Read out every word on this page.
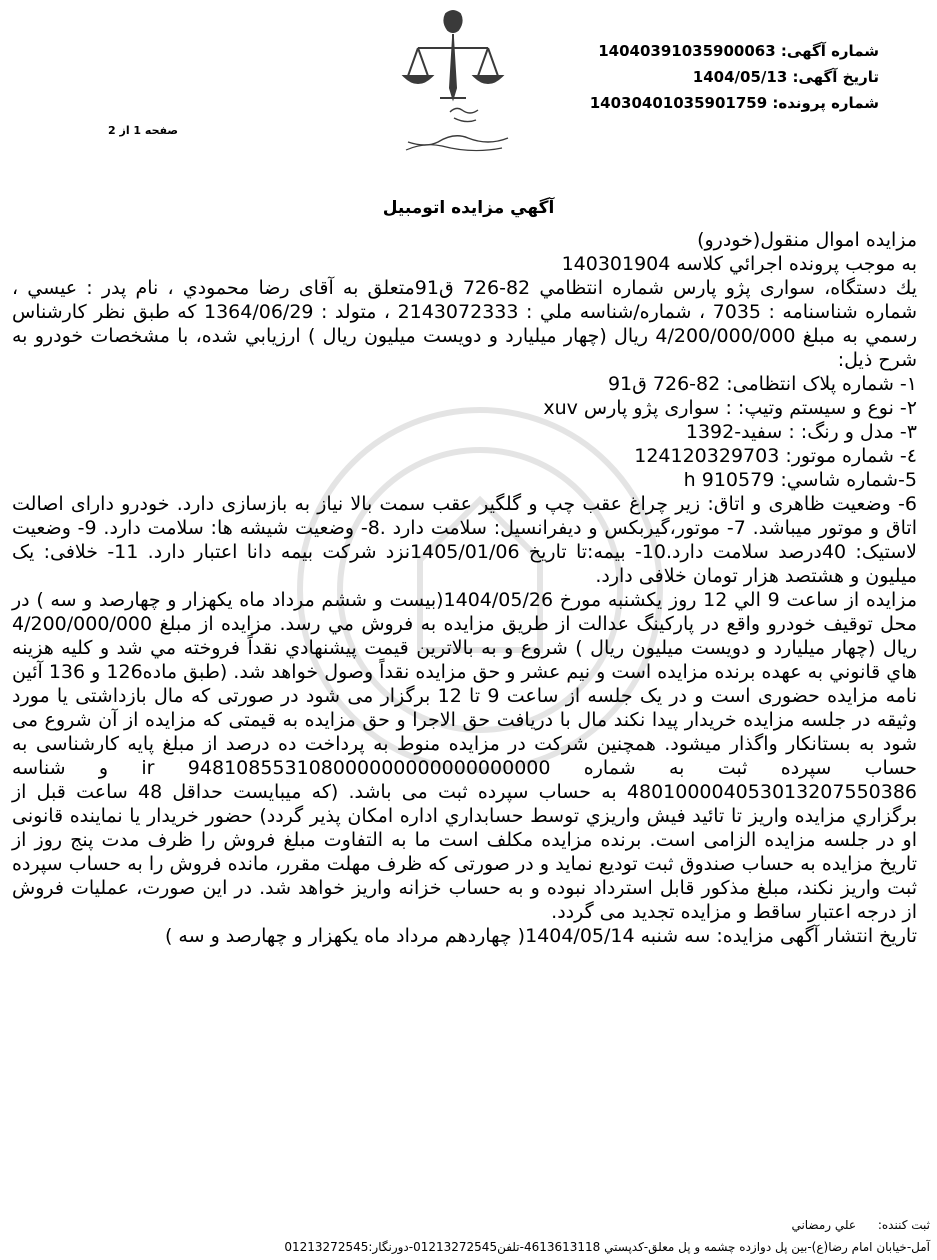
شماره آگهی: 14040391035900063
تاریخ آگهی: 1404/05/13
شماره پرونده: 14030401035901759
صفحه 1 از 2
آگهي مزايده اتومبيل

مزایده اموال منقول(خودرو)

به موجب پرونده اجرائي كلاسه 140301904

يك دستگاه، سواری پژو پارس شماره انتظامي 82-726 ق91متعلق به آقای رضا محمودي ، نام پدر : عيسي ، شماره شناسنامه : 7035 ، شماره/شناسه ملي : 2143072333 ، متولد : 1364/06/29 كه طبق نظر كارشناس رسمي به مبلغ 4/200/000/000 ريال (چهار ميليارد و دويست ميليون ريال ) ارزيابي شده، با مشخصات خودرو به شرح ذيل:

۱- شماره پلاک انتظامی: 82-726 ق91

۲- نوع و سیستم وتیپ: : سواری پژو پارس xuv

۳- مدل و رنگ: : سفید-1392

٤- شماره موتور: 124120329703

5-شماره شاسي: 910579 h

6- وضعیت ظاهری و اتاق: زیر چراغ عقب چپ و گلگیر عقب سمت بالا نیاز به بازسازی دارد. خودرو دارای اصالت اتاق و موتور میباشد. 7- موتور،گیربکس و دیفرانسیل: سلامت دارد .8- وضعیت شیشه ها: سلامت دارد. 9- وضعیت لاستیک: 40درصد سلامت دارد.10- بیمه:تا تاریخ 1405/01/06نزد شرکت بیمه دانا اعتبار دارد. 11- خلافی: یک میلیون و هشتصد هزار تومان خلافی دارد.

مزايده از ساعت 9 الي 12 روز يكشنبه مورخ 1404/05/26(بیست و ششم مرداد ماه یکهزار و چهارصد و سه ) در محل توقیف خودرو واقع در پارکینگ عدالت از طريق مزايده به فروش مي رسد. مزایده از مبلغ 4/200/000/000 ريال (چهار ميليارد و دويست ميليون ريال ) شروع و به بالاترين قيمت پيشنهادي نقداً فروخته مي شد و كليه هزينه هاي قانوني به عهده برنده مزايده است و نيم عشر و حق مزايده نقداً وصول خواهد شد. (طبق ماده126 و 136 آئین نامه مزایده حضوری است و در یک جلسه از ساعت 9 تا 12 برگزار می شود در صورتی که مال بازداشتی یا مورد وثیقه در جلسه مزایده خریدار پیدا نکند مال با دریافت حق الاجرا و حق مزایده به قیمتی که مزایده از آن شروع می شود به بستانکار واگذار میشود. همچنین شرکت در مزایده منوط به پرداخت ده درصد از مبلغ پایه کارشناسی به حساب سپرده ثبت به شماره ir 948108553108000000000000000000 و شناسه 480100004053013207550386 به حساب سپرده ثبت می باشد. (كه ميبايست حداقل 48 ساعت قبل از برگزاري مزايده واريز تا تائيد فيش واريزي توسط حسابداري اداره امكان پذير گردد) حضور خریدار یا نماینده قانونی او در جلسه مزایده الزامی است. برنده مزایده مکلف است ما به التفاوت مبلغ فروش را ظرف مدت پنج روز از تاریخ مزایده به حساب صندوق ثبت تودیع نماید و در صورتی که ظرف مهلت مقرر، مانده فروش را به حساب سپرده ثبت واریز نکند، مبلغ مذکور قابل استرداد نبوده و به حساب خزانه واریز خواهد شد. در این صورت، عملیات فروش از درجه اعتبار ساقط و مزایده تجدید می گردد.

تاریخ انتشار آگهی مزایده: سه شنبه 1404/05/14( چهاردهم مرداد ماه یکهزار و چهارصد و سه )

ثبت كننده: علي رمضاني
آمل-خيابان امام رضا(ع)-بين پل دوازده چشمه و پل معلق-كدپستي 4613613118-تلفن01213272545-دورنگار:01213272545
